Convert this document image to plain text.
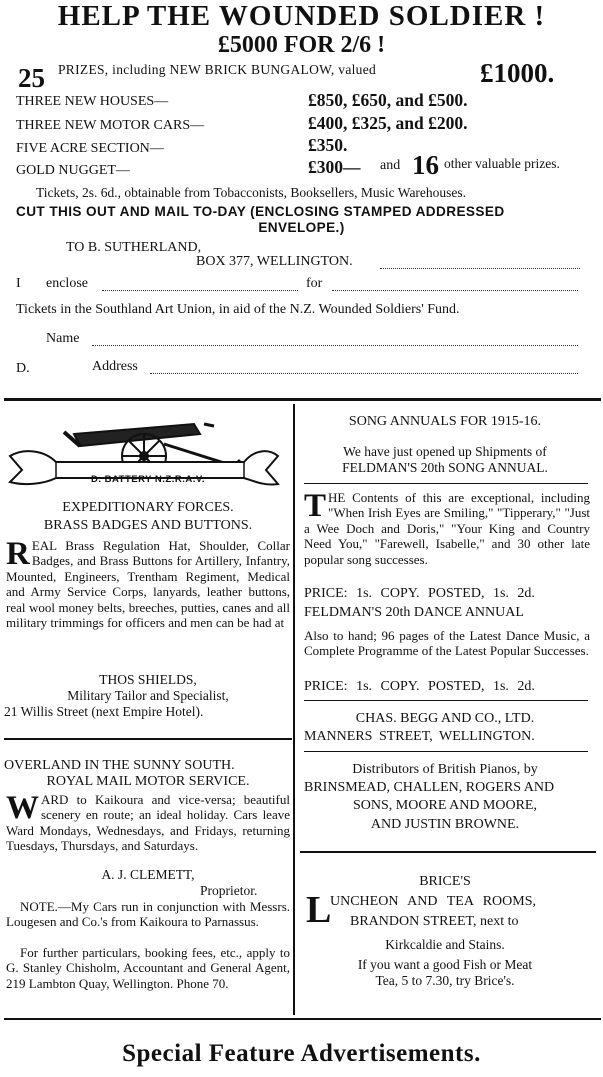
HELP THE WOUNDED SOLDIER !
£5000 FOR 2/6 !
25 PRIZES, including NEW BRICK BUNGALOW, valued	£1000.
THREE NEW HOUSES—	£850, £650, and £500.
THREE NEW MOTOR CARS—	£400, £325, and £200.
FIVE ACRE SECTION—	£350.
GOLD NUGGET—	£300— and 16 other valuable prizes.
Tickets, 2s. 6d., obtainable from Tobacconists, Booksellers, Music Warehouses.
CUT THIS OUT AND MAIL TO-DAY (ENCLOSING STAMPED ADDRESSED
ENVELOPE.)
TO B. SUTHERLAND,
BOX 377, WELLINGTON.
I enclose	for
Tickets in the Southland Art Union, in aid of the N.Z. Wounded Soldiers' Fund.
Name
D.	Address
D. BATTERY N.Z.R.A.V.
EXPEDITIONARY FORCES.
BRASS BADGES AND BUTTONS.
REAL Brass Regulation Hat, Shoulder, Collar Badges, and Brass Buttons for Artillery, Infantry, Mounted, Engineers, Trentham Regiment, Medical and Army Service Corps, lanyards, leather buttons, real wool money belts, breeches, putties, canes and all military trimmings for officers and men can be had at
THOS SHIELDS,
Military Tailor and Specialist,
21 Willis Street (next Empire Hotel).
OVERLAND IN THE SUNNY SOUTH.
ROYAL MAIL MOTOR SERVICE.
WARD to Kaikoura and vice-versa; beautiful scenery en route; an ideal holiday. Cars leave Ward Mondays, Wednesdays, and Fridays, returning Tuesdays, Thursdays, and Saturdays.
A. J. CLEMETT,
Proprietor.
NOTE.—My Cars run in conjunction with Messrs. Lougesen and Co.'s from Kaikoura to Parnassus.
For further particulars, booking fees, etc., apply to G. Stanley Chisholm, Accountant and General Agent, 219 Lambton Quay, Wellington. Phone 70.
SONG ANNUALS FOR 1915-16.
We have just opened up Shipments of
FELDMAN'S 20th SONG ANNUAL.
THE Contents of this are exceptional, including "When Irish Eyes are Smiling," "Tipperary," "Just a Wee Doch and Doris," "Your King and Country Need You," "Farewell, Isabelle," and 30 other late popular song successes.
PRICE: 1s. COPY. POSTED, 1s. 2d.
FELDMAN'S 20th DANCE ANNUAL
Also to hand; 96 pages of the Latest Dance Music, a Complete Programme of the Latest Popular Successes.
PRICE: 1s. COPY. POSTED, 1s. 2d.
CHAS. BEGG AND CO., LTD.
MANNERS STREET, WELLINGTON.
Distributors of British Pianos, by
BRINSMEAD, CHALLEN, ROGERS AND
SONS, MOORE AND MOORE,
AND JUSTIN BROWNE.
BRICE'S
L
UNCHEON AND TEA ROOMS,
BRANDON STREET, next to
Kirkcaldie and Stains.
If you want a good Fish or Meat
Tea, 5 to 7.30, try Brice's.
Special Feature Advertisements.
